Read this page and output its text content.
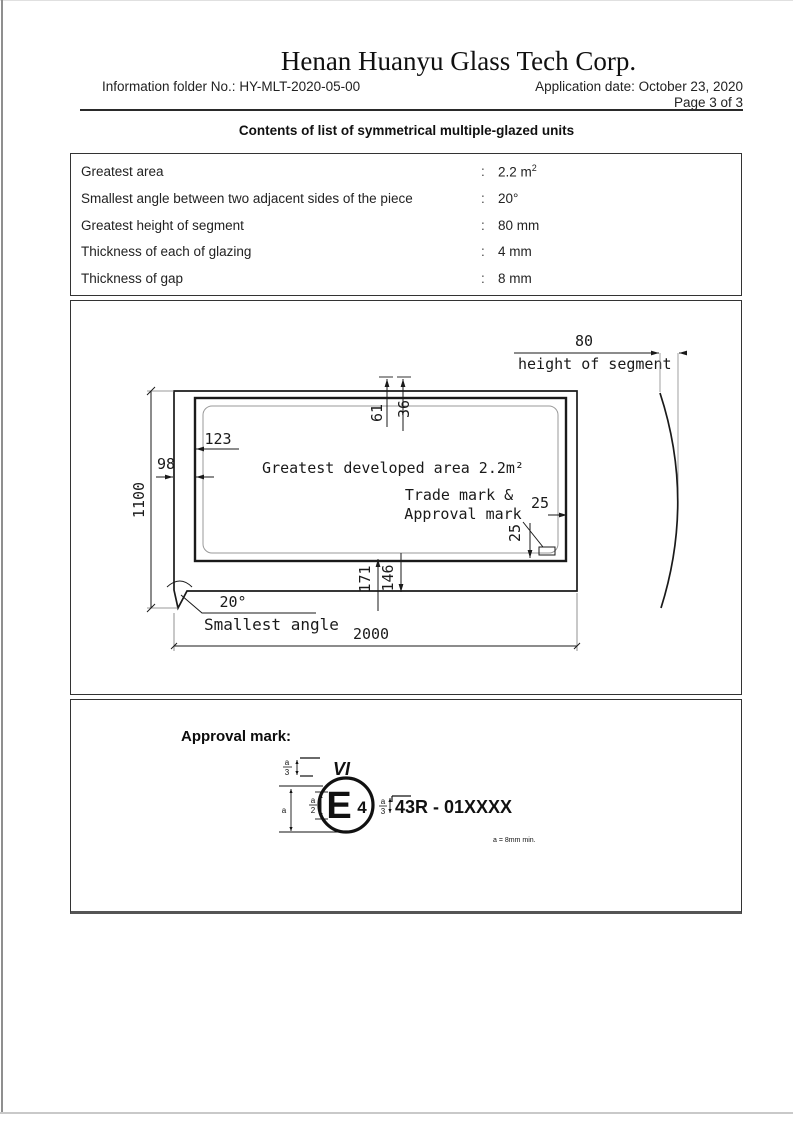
Henan Huanyu Glass Tech Corp.
Information folder No.: HY-MLT-2020-05-00	Application date: October 23, 2020
Page 3 of 3
Contents of list of symmetrical multiple-glazed units
Greatest area	: 2.2 $m^2$
Smallest angle between two adjacent sides of the piece	: 20°
Greatest height of segment	: 80 mm
Thickness of each of glazing	: 4 mm
Thickness of gap	: 8 mm
1100
2000
123
98
61 36
Greatest developed area 2.2m²
Trade mark &
Approval mark
25
25
171 146
20°
Smallest angle
80
height of segment
Approval mark:
VI
a
3
a
a
2 E 4 a
3 43R - 01XXXX
a = 8mm min.
